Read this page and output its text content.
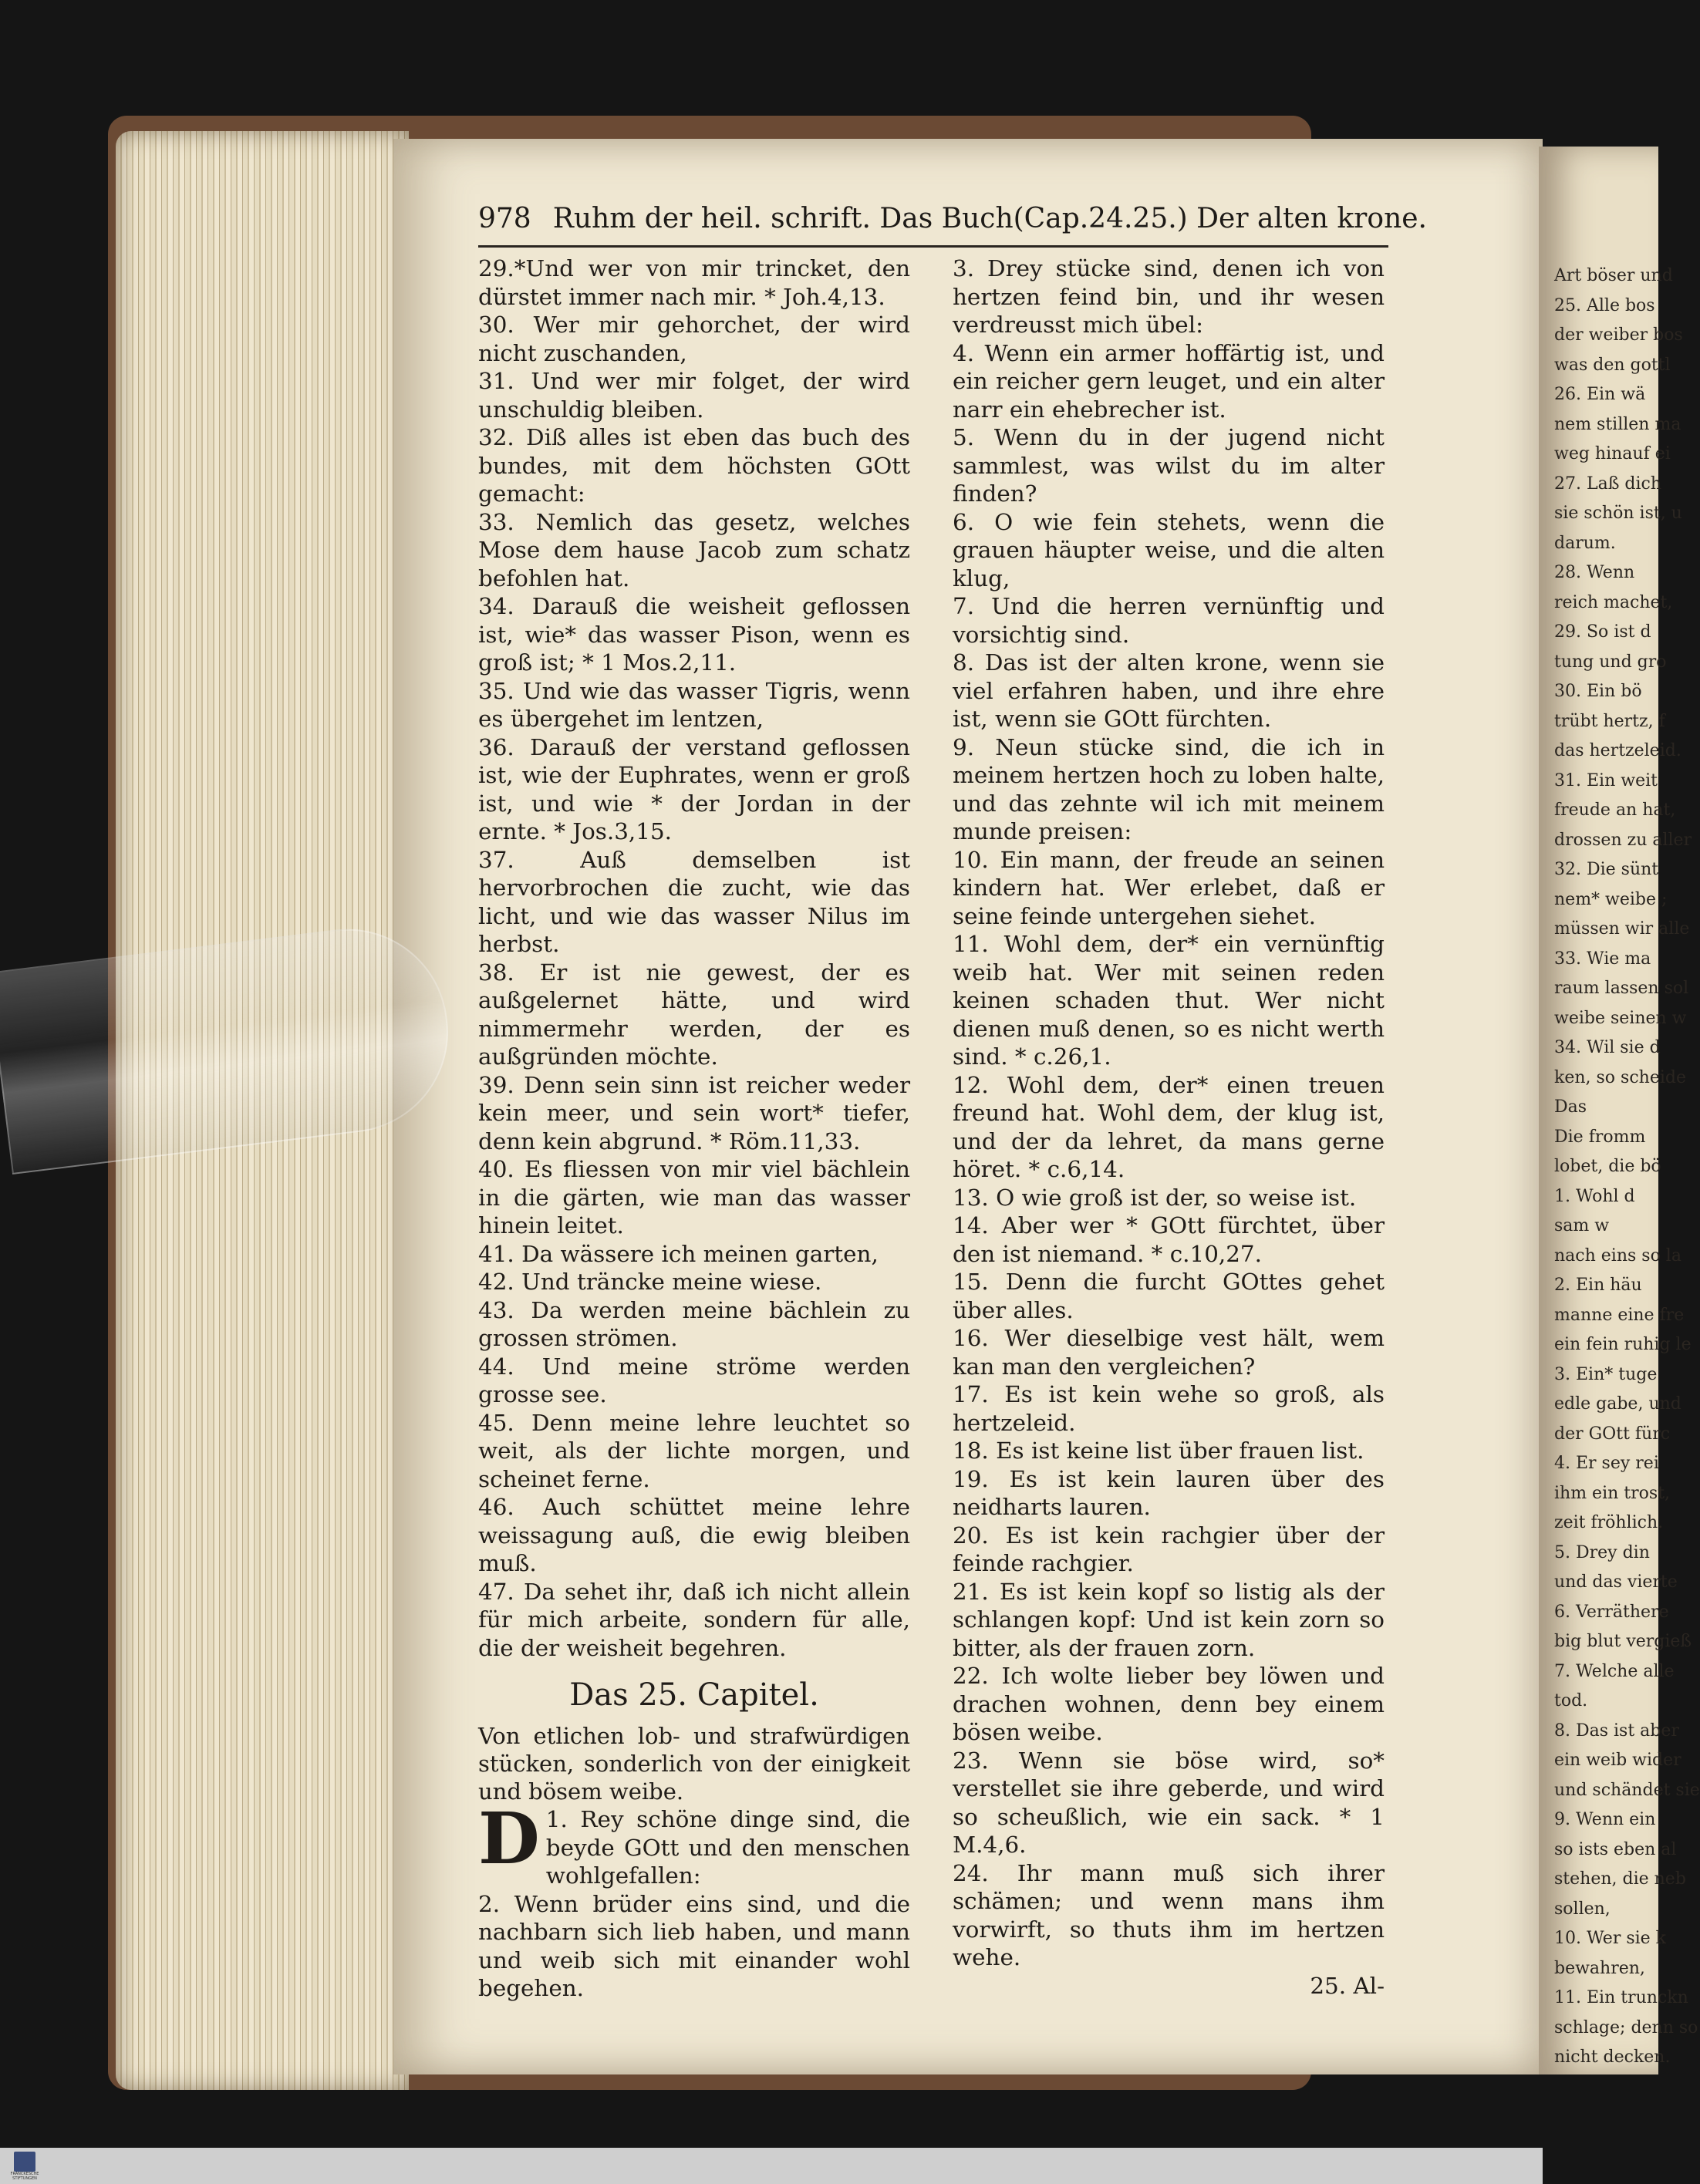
Art böser und
25. Alle bos
der weiber bos
was den gottl
26. Ein wä
nem stillen ma
weg hinauf ei
27. Laß dich
sie schön ist, u
darum.
28. Wenn
reich machet,
29. So ist d
tung und gro
30. Ein bö
trübt hertz, f
das hertzeleid.
31. Ein weit
freude an hat,
drossen zu aller
32. Die sünt
nem* weibe ;
müssen wir alle
33. Wie ma
raum lassen sol
weibe seinen w
34. Wil sie d
ken, so scheide
Das
Die fromm
lobet, die bö
1. Wohl d
sam w
nach eins so la
2. Ein häu
manne eine fre
ein fein ruhig le
3. Ein* tuge
edle gabe, und
der GOtt fürc
4. Er sey rei
ihm ein trost,
zeit fröhlich.
5. Drey din
und das vierte
6. Verräthere
big blut vergieß
7. Welche alle
tod.
8. Das ist aber
ein weib wider
und schändet sie
9. Wenn ein
so ists eben al
stehen, die neb
sollen,
10. Wer sie k
bewahren,
11. Ein trunckn
schlage; denn so
nicht decken.
978 Ruhm der heil. schrift. Das Buch (Cap.24.25.) Der alten krone.

29.*Und wer von mir trincket, den dürstet immer nach mir. * Joh.4,13.

30. Wer mir gehorchet, der wird nicht zuschanden,

31. Und wer mir folget, der wird unschuldig bleiben.

32. Diß alles ist eben das buch des bundes, mit dem höchsten GOtt gemacht:

33. Nemlich das gesetz, welches Mose dem hause Jacob zum schatz befohlen hat.

34. Darauß die weisheit geflossen ist, wie* das wasser Pison, wenn es groß ist; * 1 Mos.2,11.

35. Und wie das wasser Tigris, wenn es übergehet im lentzen,

36. Darauß der verstand geflossen ist, wie der Euphrates, wenn er groß ist, und wie * der Jordan in der ernte. * Jos.3,15.

37. Auß demselben ist hervorbrochen die zucht, wie das licht, und wie das wasser Nilus im herbst.

38. Er ist nie gewest, der es außgelernet hätte, und wird nimmermehr werden, der es außgründen möchte.

39. Denn sein sinn ist reicher weder kein meer, und sein wort* tiefer, denn kein abgrund. * Röm.11,33.

40. Es fliessen von mir viel bächlein in die gärten, wie man das wasser hinein leitet.

41. Da wässere ich meinen garten,

42. Und träncke meine wiese.

43. Da werden meine bächlein zu grossen strömen.

44. Und meine ströme werden grosse see.

45. Denn meine lehre leuchtet so weit, als der lichte morgen, und scheinet ferne.

46. Auch schüttet meine lehre weissagung auß, die ewig bleiben muß.

47. Da sehet ihr, daß ich nicht allein für mich arbeite, sondern für alle, die der weisheit begehren.

Das 25. Capitel.

Von etlichen lob- und strafwürdigen stücken, sonderlich von der einigkeit und bösem weibe.

D 1. Rey schöne dinge sind, die beyde GOtt und den menschen wohlgefallen:

2. Wenn brüder eins sind, und die nachbarn sich lieb haben, und mann und weib sich mit einander wohl begehen.

3. Drey stücke sind, denen ich von hertzen feind bin, und ihr wesen verdreusst mich übel:

4. Wenn ein armer hoffärtig ist, und ein reicher gern leuget, und ein alter narr ein ehebrecher ist.

5. Wenn du in der jugend nicht sammlest, was wilst du im alter finden?

6. O wie fein stehets, wenn die grauen häupter weise, und die alten klug,

7. Und die herren vernünftig und vorsichtig sind.

8. Das ist der alten krone, wenn sie viel erfahren haben, und ihre ehre ist, wenn sie GOtt fürchten.

9. Neun stücke sind, die ich in meinem hertzen hoch zu loben halte, und das zehnte wil ich mit meinem munde preisen:

10. Ein mann, der freude an seinen kindern hat. Wer erlebet, daß er seine feinde untergehen siehet.

11. Wohl dem, der* ein vernünftig weib hat. Wer mit seinen reden keinen schaden thut. Wer nicht dienen muß denen, so es nicht werth sind. * c.26,1.

12. Wohl dem, der* einen treuen freund hat. Wohl dem, der klug ist, und der da lehret, da mans gerne höret. * c.6,14.

13. O wie groß ist der, so weise ist.

14. Aber wer * GOtt fürchtet, über den ist niemand. * c.10,27.

15. Denn die furcht GOttes gehet über alles.

16. Wer dieselbige vest hält, wem kan man den vergleichen?

17. Es ist kein wehe so groß, als hertzeleid.

18. Es ist keine list über frauen list.

19. Es ist kein lauren über des neidharts lauren.

20. Es ist kein rachgier über der feinde rachgier.

21. Es ist kein kopf so listig als der schlangen kopf: Und ist kein zorn so bitter, als der frauen zorn.

22. Ich wolte lieber bey löwen und drachen wohnen, denn bey einem bösen weibe.

23. Wenn sie böse wird, so* verstellet sie ihre geberde, und wird so scheußlich, wie ein sack. * 1 M.4,6.

24. Ihr mann muß sich ihrer schämen; und wenn mans ihm vorwirft, so thuts ihm im hertzen wehe.

25. Al-

FRANCKESCHE STIFTUNGEN
